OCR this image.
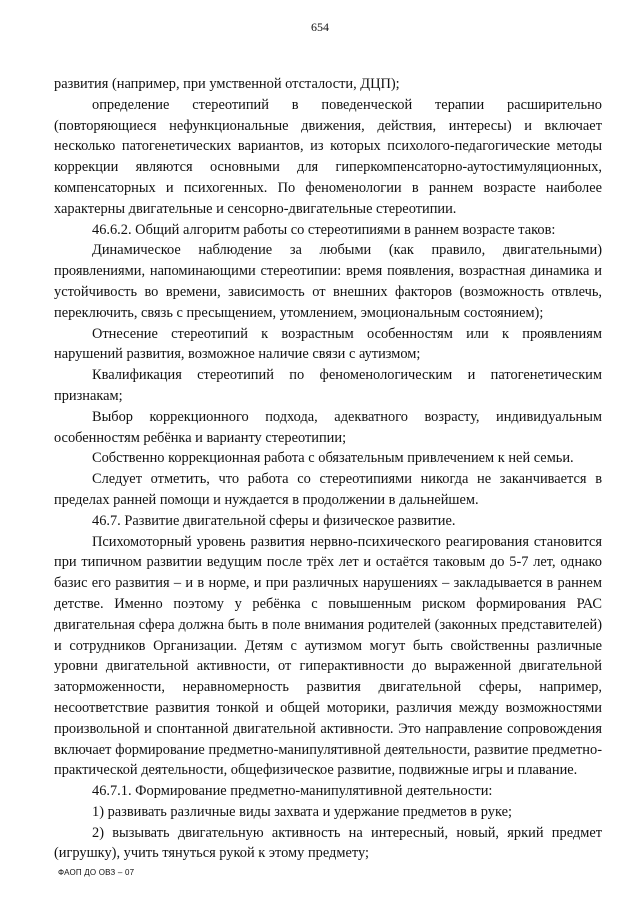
654

развития (например, при умственной отсталости, ДЦП);

определение стереотипий в поведенческой терапии расширительно (повторяющиеся нефункциональные движения, действия, интересы) и включает несколько патогенетических вариантов, из которых психолого-педагогические методы коррекции являются основными для гиперкомпенсаторно-аутостимуляционных, компенсаторных и психогенных. По феноменологии в раннем возрасте наиболее характерны двигательные и сенсорно-двигательные стереотипии.

46.6.2. Общий алгоритм работы со стереотипиями в раннем возрасте таков:

Динамическое наблюдение за любыми (как правило, двигательными) проявлениями, напоминающими стереотипии: время появления, возрастная динамика и устойчивость во времени, зависимость от внешних факторов (возможность отвлечь, переключить, связь с пресыщением, утомлением, эмоциональным состоянием);

Отнесение стереотипий к возрастным особенностям или к проявлениям нарушений развития, возможное наличие связи с аутизмом;

Квалификация стереотипий по феноменологическим и патогенетическим признакам;

Выбор коррекционного подхода, адекватного возрасту, индивидуальным особенностям ребёнка и варианту стереотипии;

Собственно коррекционная работа с обязательным привлечением к ней семьи.

Следует отметить, что работа со стереотипиями никогда не заканчивается в пределах ранней помощи и нуждается в продолжении в дальнейшем.

46.7. Развитие двигательной сферы и физическое развитие.

Психомоторный уровень развития нервно-психического реагирования становится при типичном развитии ведущим после трёх лет и остаётся таковым до 5-7 лет, однако базис его развития – и в норме, и при различных нарушениях – закладывается в раннем детстве. Именно поэтому у ребёнка с повышенным риском формирования РАС двигательная сфера должна быть в поле внимания родителей (законных представителей) и сотрудников Организации. Детям с аутизмом могут быть свойственны различные уровни двигательной активности, от гиперактивности до выраженной двигательной заторможенности, неравномерность развития двигательной сферы, например, несоответствие развития тонкой и общей моторики, различия между возможностями произвольной и спонтанной двигательной активности. Это направление сопровождения включает формирование предметно-манипулятивной деятельности, развитие предметно-практической деятельности, общефизическое развитие, подвижные игры и плавание.

46.7.1. Формирование предметно-манипулятивной деятельности:

1) развивать различные виды захвата и удержание предметов в руке;

2) вызывать двигательную активность на интересный, новый, яркий предмет (игрушку), учить тянуться рукой к этому предмету;

ФАОП ДО ОВЗ – 07
